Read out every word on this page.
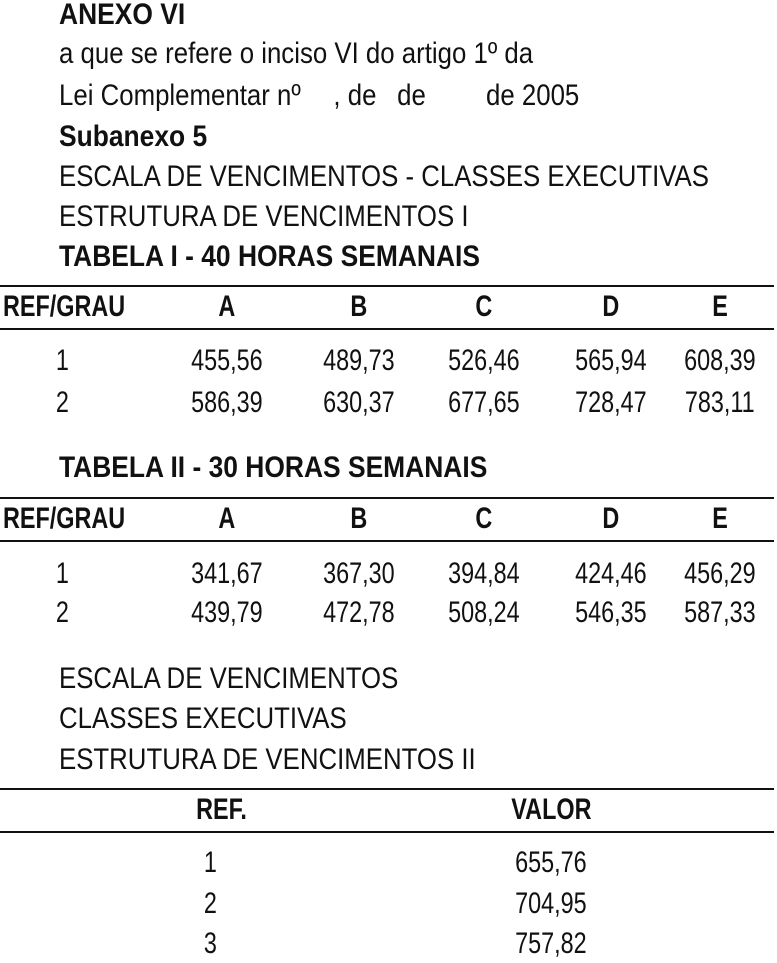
ANEXO VI
a que se refere o inciso VI do artigo 1º da
Lei Complementar nº , de de de 2005
Subanexo 5
ESCALA DE VENCIMENTOS - CLASSES EXECUTIVAS
ESTRUTURA DE VENCIMENTOS I
TABELA I - 40 HORAS SEMANAIS
REF/GRAU	A	B	C	D	E
1	455,56	489,73	526,46	565,94	608,39
2	586,39	630,37	677,65	728,47	783,11
TABELA II - 30 HORAS SEMANAIS
REF/GRAU	A	B	C	D	E
1	341,67	367,30	394,84	424,46	456,29
2	439,79	472,78	508,24	546,35	587,33
ESCALA DE VENCIMENTOS
CLASSES EXECUTIVAS
ESTRUTURA DE VENCIMENTOS II
REF.	VALOR
1	655,76
2	704,95
3	757,82
